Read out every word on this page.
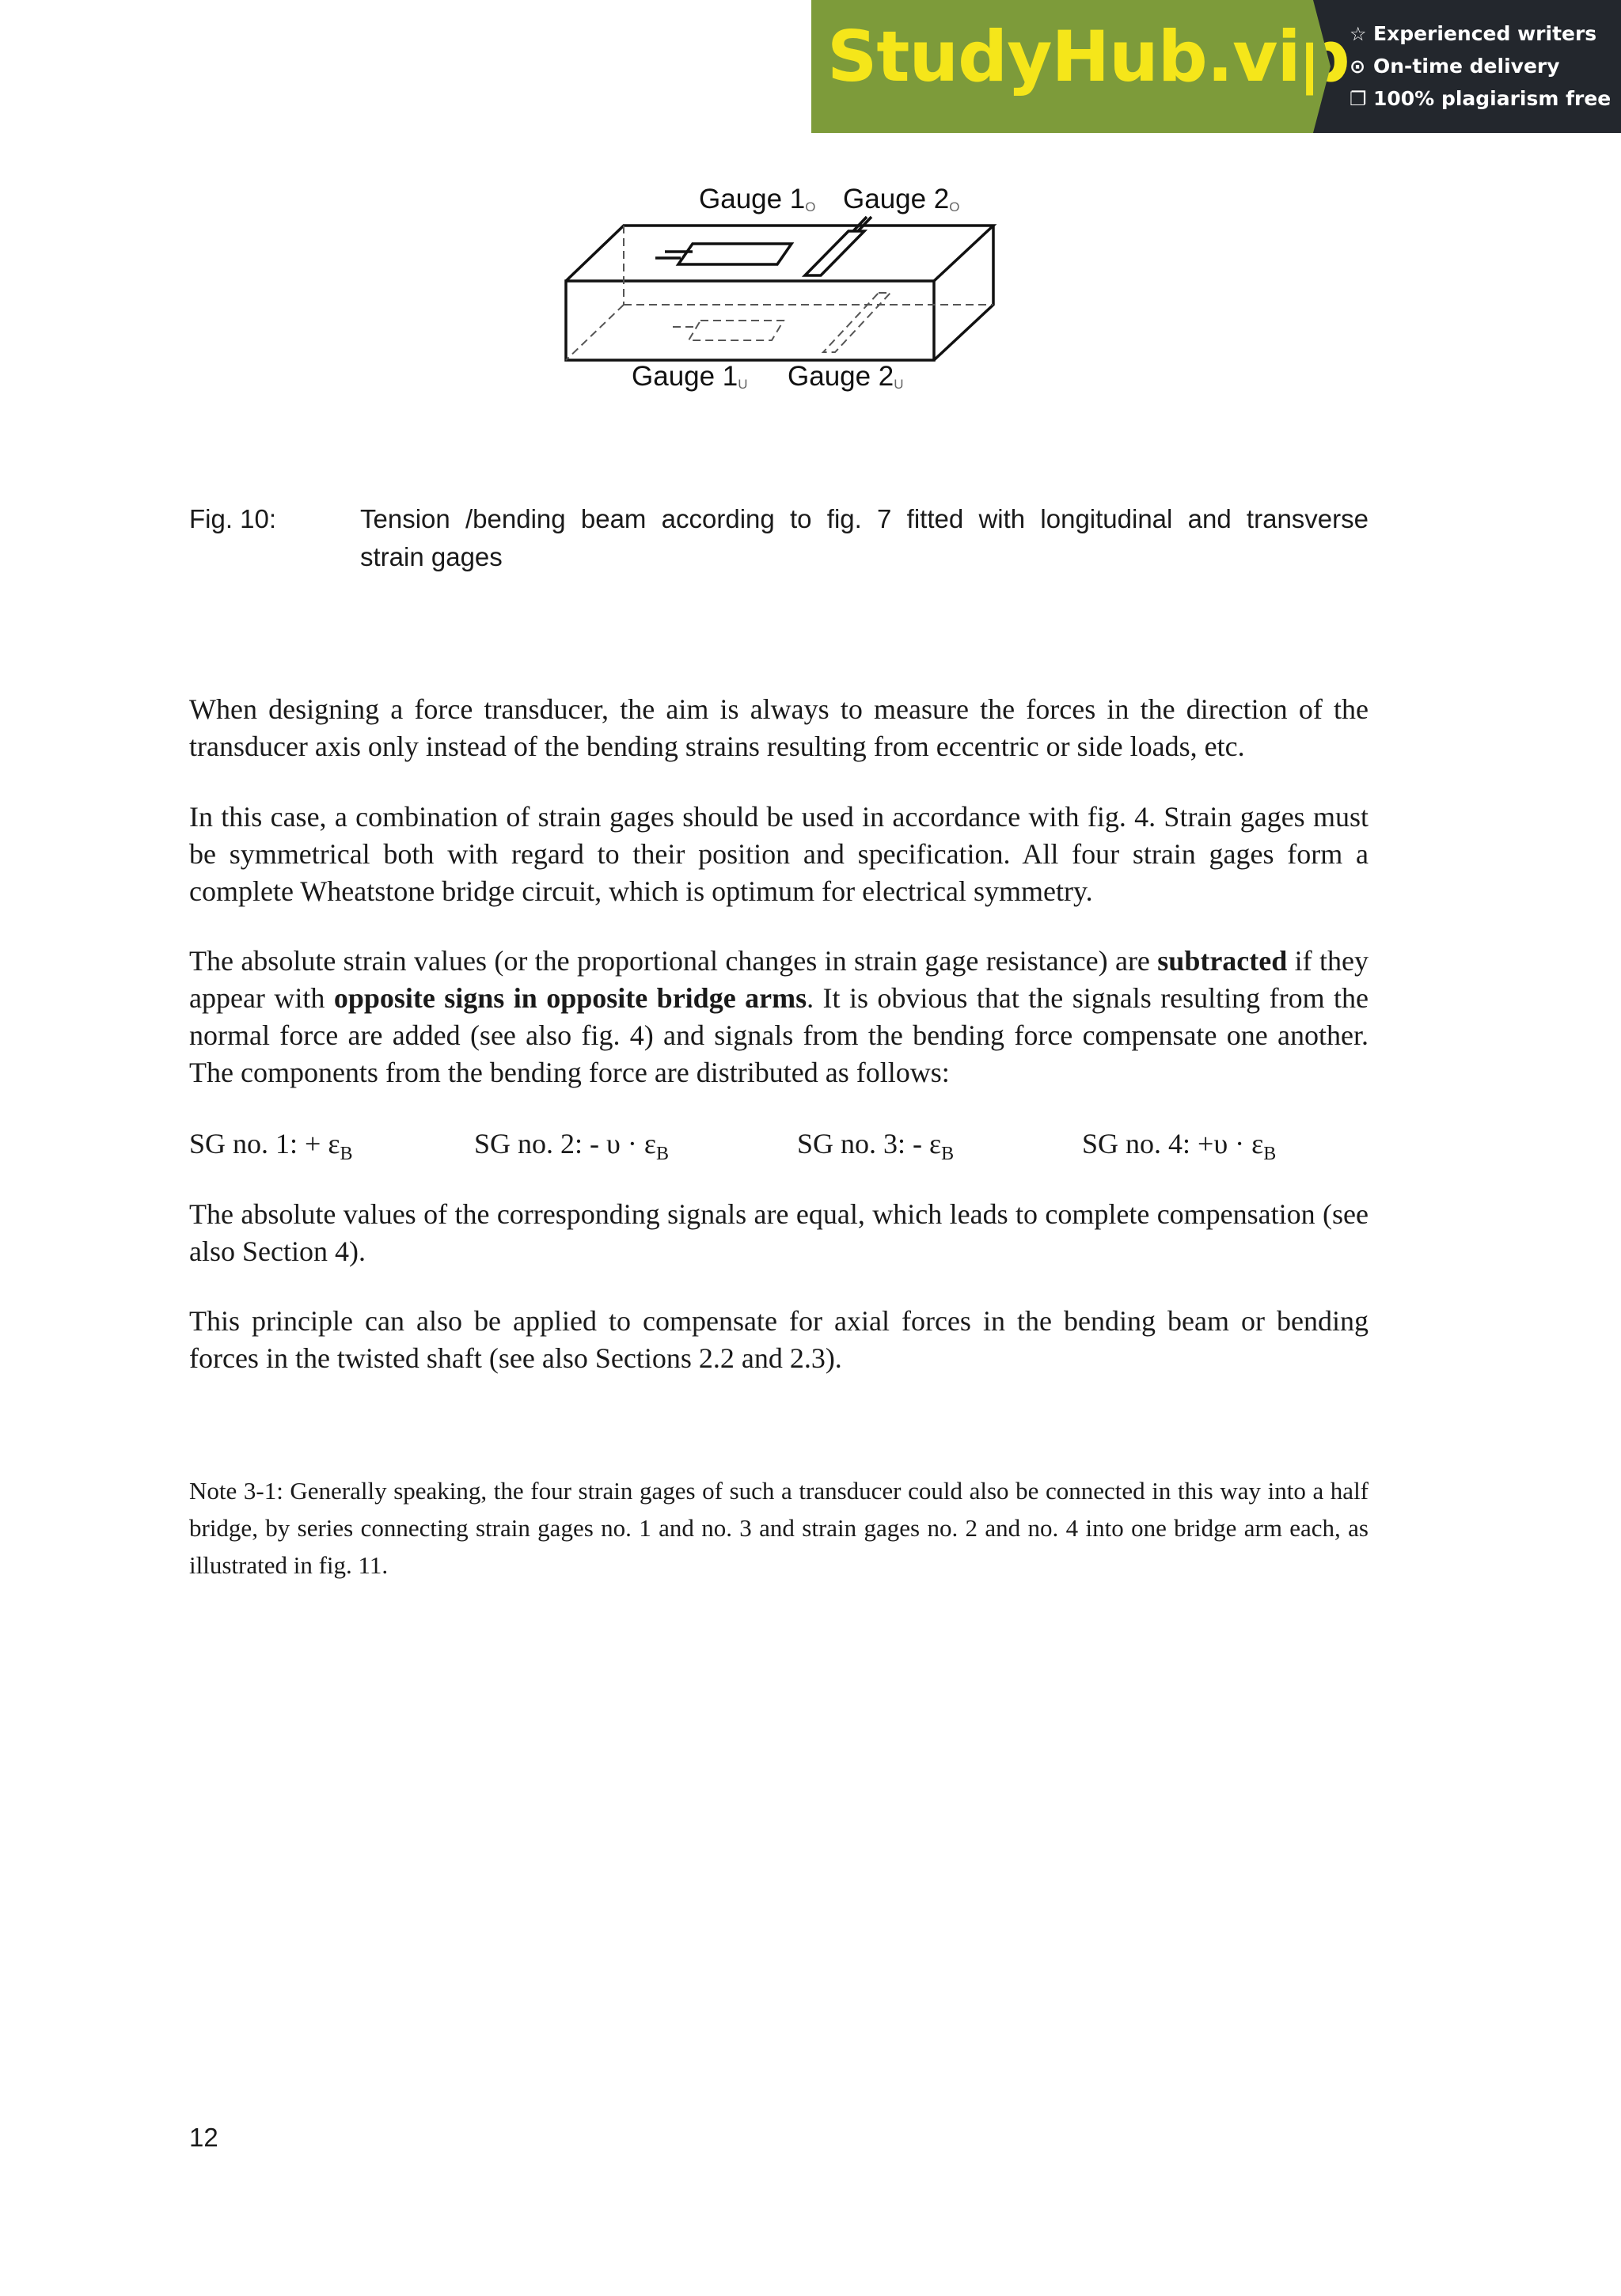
StudyHub.vip ☆ Experienced writers
⊙ On-time delivery
❐ 100% plagiarism free
Gauge $1_O$ Gauge $2_O$
Gauge $1_U$ Gauge $2_U$
Fig. 10:	Tension /bending beam according to fig. 7 fitted with longitudinal and transverse
strain gages
When designing a force transducer, the aim is always to measure the forces in the direction of the transducer axis only instead of the bending strains resulting from eccentric or side loads, etc.
In this case, a combination of strain gages should be used in accordance with fig. 4. Strain gages must be symmetrical both with regard to their position and specification. All four strain gages form a complete Wheatstone bridge circuit, which is optimum for electrical symmetry.
The absolute strain values (or the proportional changes in strain gage resistance) are subtracted if they appear with opposite signs in opposite bridge arms. It is obvious that the signals resulting from the normal force are added (see also fig. 4) and signals from the bending force compensate one another. The components from the bending force are distributed as follows:
SG no. 1: + $\varepsilon_B$	SG no. 2: - $\upsilon \cdot \varepsilon_B$	SG no. 3: - $\varepsilon_B$	SG no. 4: $+\upsilon \cdot \varepsilon_B$
The absolute values of the corresponding signals are equal, which leads to complete compensation (see also Section 4).
This principle can also be applied to compensate for axial forces in the bending beam or bending forces in the twisted shaft (see also Sections 2.2 and 2.3).
Note 3-1: Generally speaking, the four strain gages of such a transducer could also be connected in this way into a half bridge, by series connecting strain gages no. 1 and no. 3 and strain gages no. 2 and no. 4 into one bridge arm each, as illustrated in fig. 11.
12
